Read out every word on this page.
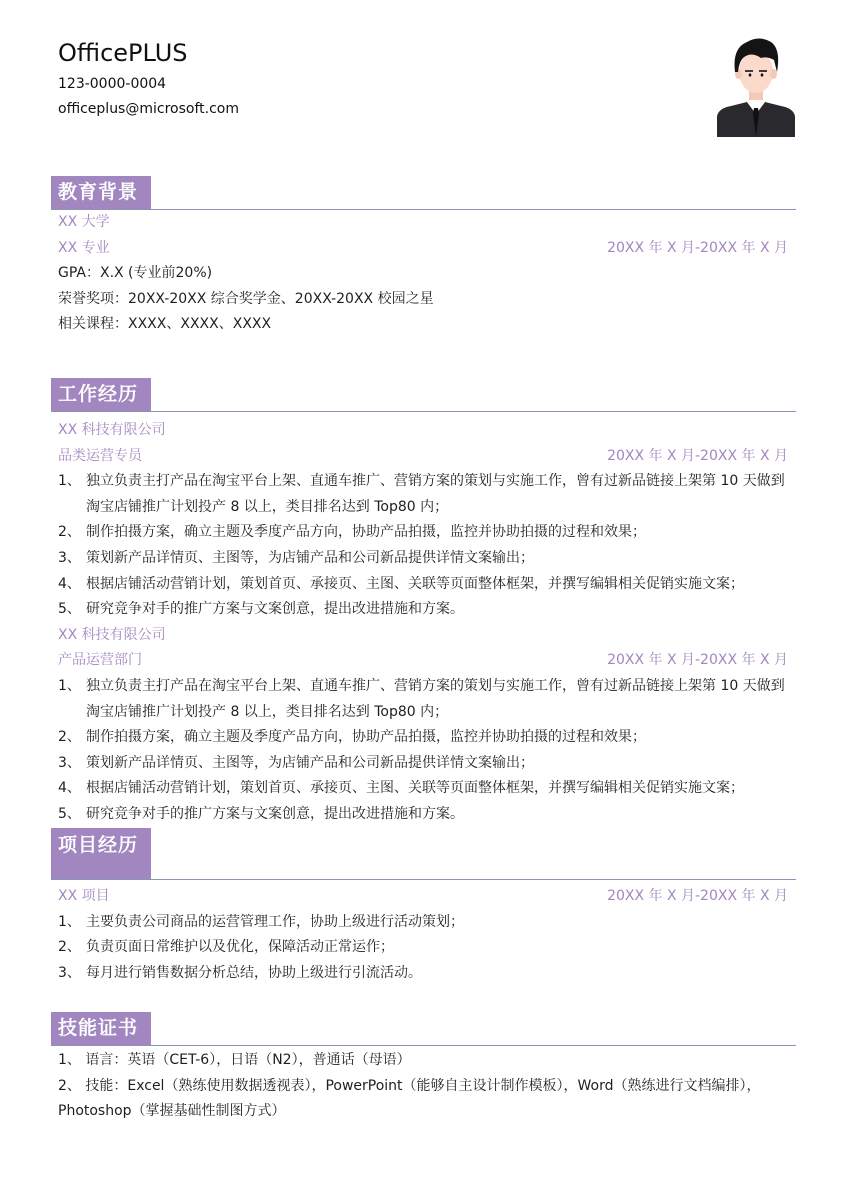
OfficePLUS
123-0000-0004
officeplus@microsoft.com
教育背景
XX 大学
XX 专业	20XX 年 X 月-20XX 年 X 月
GPA：X.X (专业前20%)
荣誉奖项：20XX-20XX 综合奖学金、20XX-20XX 校园之星
相关课程：XXXX、XXXX、XXXX
工作经历
XX 科技有限公司
品类运营专员	20XX 年 X 月-20XX 年 X 月
1、 独立负责主打产品在淘宝平台上架、直通车推广、营销方案的策划与实施工作，曾有过新品链接上架第 10 天做到淘宝店铺推广计划投产 8 以上，类目排名达到 Top80 内；
2、 制作拍摄方案，确立主题及季度产品方向，协助产品拍摄，监控并协助拍摄的过程和效果；
3、 策划新产品详情页、主图等，为店铺产品和公司新品提供详情文案输出；
4、 根据店铺活动营销计划，策划首页、承接页、主图、关联等页面整体框架，并撰写编辑相关促销实施文案；
5、 研究竞争对手的推广方案与文案创意，提出改进措施和方案。
XX 科技有限公司
产品运营部门	20XX 年 X 月-20XX 年 X 月
1、 独立负责主打产品在淘宝平台上架、直通车推广、营销方案的策划与实施工作，曾有过新品链接上架第 10 天做到淘宝店铺推广计划投产 8 以上，类目排名达到 Top80 内；
2、 制作拍摄方案，确立主题及季度产品方向，协助产品拍摄，监控并协助拍摄的过程和效果；
3、 策划新产品详情页、主图等，为店铺产品和公司新品提供详情文案输出；
4、 根据店铺活动营销计划，策划首页、承接页、主图、关联等页面整体框架，并撰写编辑相关促销实施文案；
5、 研究竞争对手的推广方案与文案创意，提出改进措施和方案。
项目经历
XX 项目	20XX 年 X 月-20XX 年 X 月
1、 主要负责公司商品的运营管理工作，协助上级进行活动策划；
2、 负责页面日常维护以及优化，保障活动正常运作；
3、 每月进行销售数据分析总结，协助上级进行引流活动。
技能证书
1、 语言：英语（CET-6），日语（N2），普通话（母语）
2、 技能：Excel（熟练使用数据透视表），PowerPoint（能够自主设计制作模板），Word（熟练进行文档编排），Photoshop（掌握基础性制图方式）
